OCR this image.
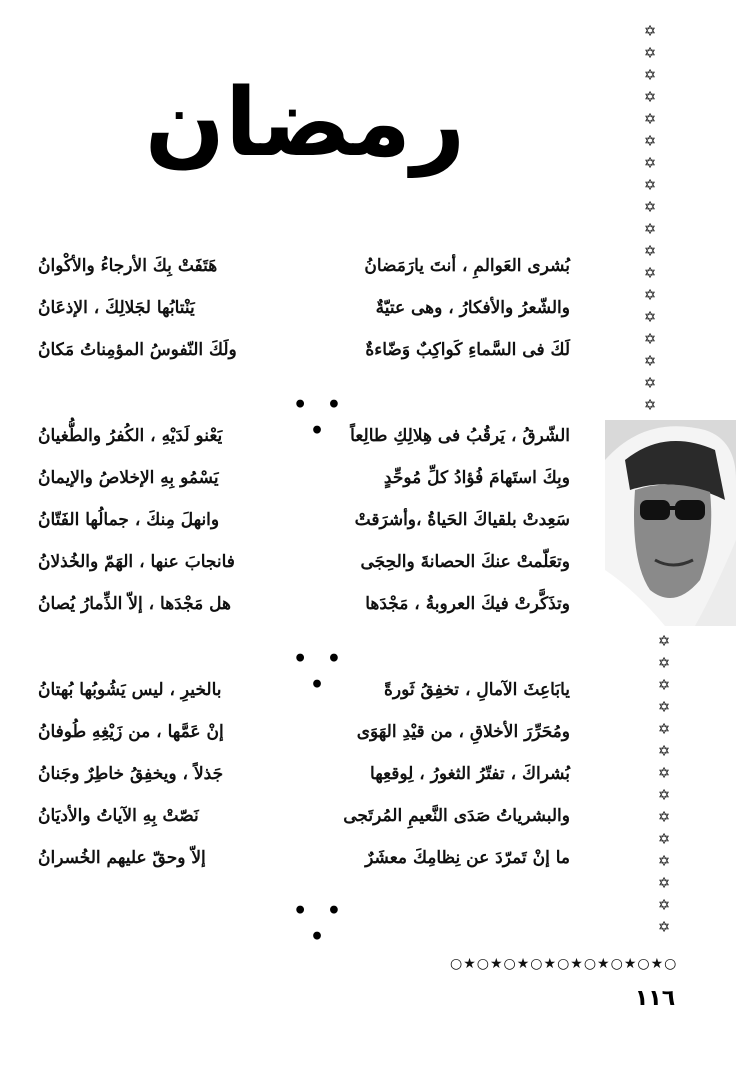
✡
✡
✡
✡
✡
✡
✡
✡
✡
✡
✡
✡
✡
✡
✡
✡
✡
✡
✡
✡
✡
✡
✡
✡
✡
✡
✡
✡
✡
✡
✡
✡
○★○★○★○★○★○★○★○★○
رمضان
بُشرى العَوالمِ ، أنتَ يارَمَضانُ
هَتَفَتْ بِكَ الأرجاءُ والأكْوانُ
والشّعرُ والأفكارُ ، وهى عتيّةٌ
يَنْتابُها لجَلالِكَ ، الإذعَانُ
لَكَ فى السَّماءِ كَواكِبٌ وَضّاءةٌ
ولَكَ النّفوسُ المؤمِناتُ مَكانُ
• • •	الشّرقُ ، يَرقُبُ فى هِلالِكِ طالِعاً
يَعْنو لَدَيْهِ ، الكُفرُ والطُّغيانُ
وبِكَ استَهامَ فُؤادُ كلِّ مُوحِّدٍ
يَسْمُو بِهِ الإخلاصُ والإيمانُ
سَعِدتْ بلقياكَ الحَياةُ ،وأشرَقتْ
وانهلَ مِنكَ ، جمالُها الفَتّانُ
وتعَلّمتْ عنكَ الحصانةَ والحِجَى
فانجابَ عنها ، الهَمّ والخُذلانُ
وتذَكَّرتْ فيكَ العروبةُ ، مَجْدَها
هل مَجْدَها ، إلاّ الذِّمارُ يُصانُ
• • •	يابَاعِثَ الآمالِ ، تخفِقُ ثَورةً
بالخيرِ ، ليس يَشُوبُها بُهتانُ
ومُحَرِّرَ الأخلاقِ ، من قيْدِ الهَوَى
إنْ عَمَّها ، من زَيْغِهِ طُوفانُ
بُشراكَ ، تفتّرُ الثغورُ ، لِوقعِها
جَذلاً ، ويخفِقُ خاطِرٌ وجَنانُ
والبشرياتُ صَدَى النَّعيمِ المُرتَجى
نَصّتْ بِهِ الآياتُ والأديَانُ
ما إنْ تَمرّدَ عن نِظامِكَ معشَرٌ
إلاّ وحقّ عليهم الخُسرانُ
• • •
١١٦
